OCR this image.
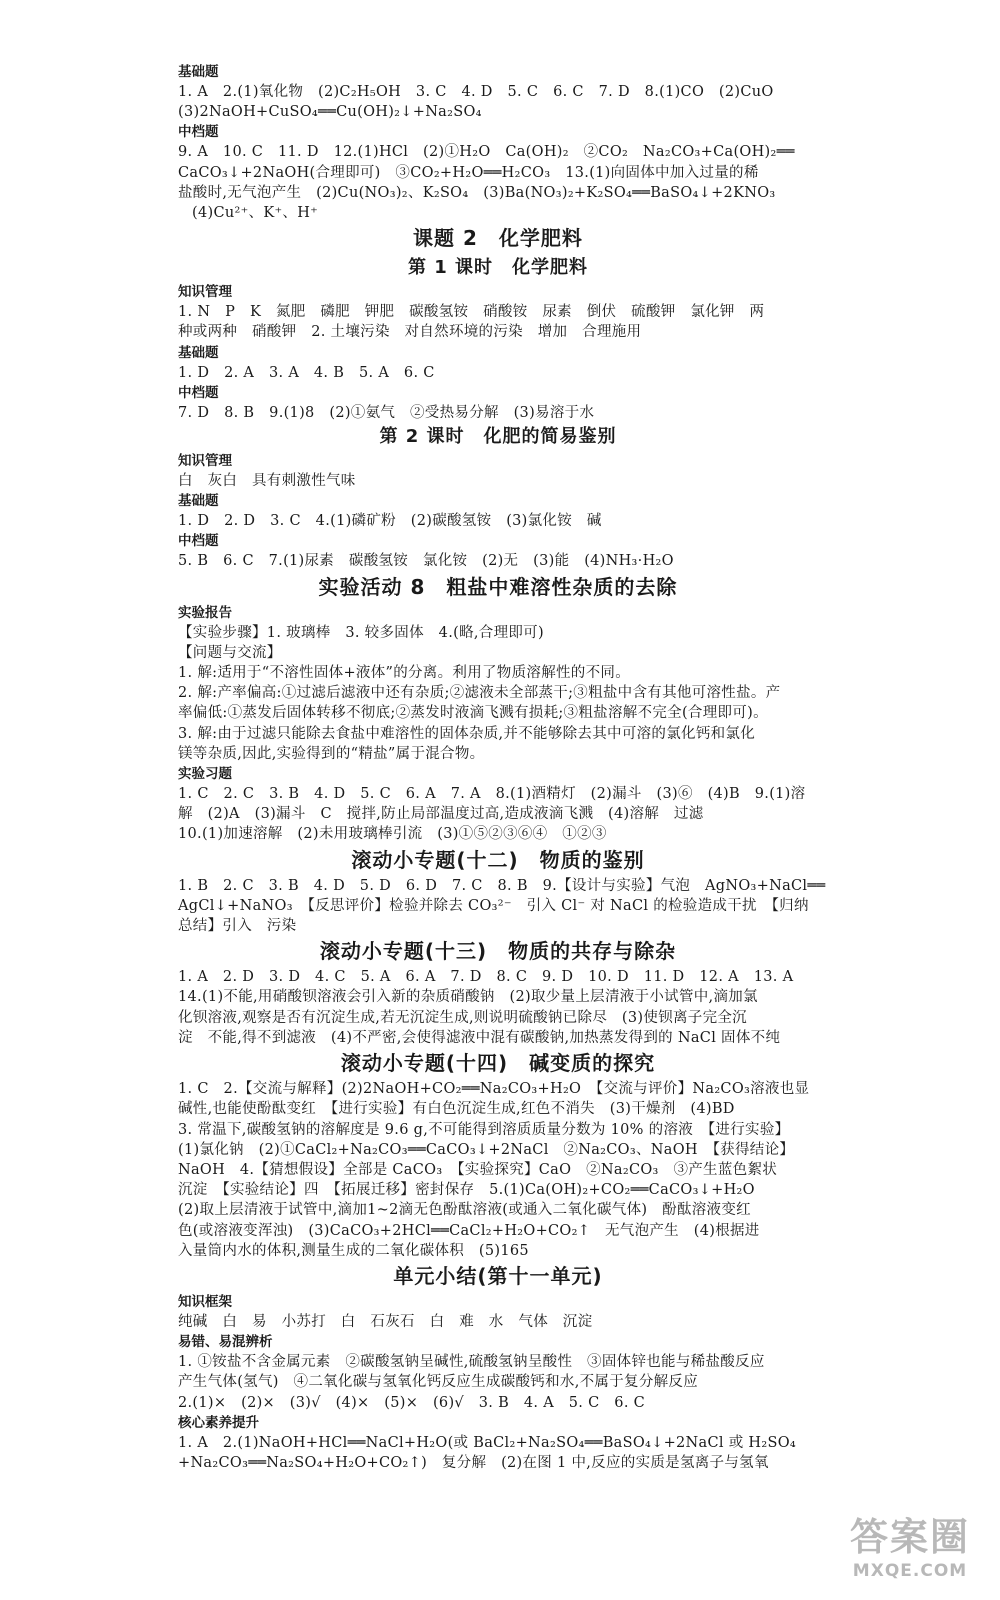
基础题
1. A　2.(1)氧化物　(2)C₂H₅OH　3. C　4. D　5. C　6. C　7. D　8.(1)CO　(2)CuO
(3)2NaOH+CuSO₄══Cu(OH)₂↓+Na₂SO₄
中档题
9. A　10. C　11. D　12.(1)HCl　(2)①H₂O　Ca(OH)₂　②CO₂　Na₂CO₃+Ca(OH)₂══
CaCO₃↓+2NaOH(合理即可)　③CO₂+H₂O══H₂CO₃　13.(1)向固体中加入过量的稀
盐酸时,无气泡产生　(2)Cu(NO₃)₂、K₂SO₄　(3)Ba(NO₃)₂+K₂SO₄══BaSO₄↓+2KNO₃
(4)Cu²⁺、K⁺、H⁺
课题 2　化学肥料
第 1 课时　化学肥料
知识管理
1. N　P　K　氮肥　磷肥　钾肥　碳酸氢铵　硝酸铵　尿素　倒伏　硫酸钾　氯化钾　两
种或两种　硝酸钾　2. 土壤污染　对自然环境的污染　增加　合理施用
基础题
1. D　2. A　3. A　4. B　5. A　6. C
中档题
7. D　8. B　9.(1)8　(2)①氨气　②受热易分解　(3)易溶于水
第 2 课时　化肥的简易鉴别
知识管理
白　灰白　具有刺激性气味
基础题
1. D　2. D　3. C　4.(1)磷矿粉　(2)碳酸氢铵　(3)氯化铵　碱
中档题
5. B　6. C　7.(1)尿素　碳酸氢铵　氯化铵　(2)无　(3)能　(4)NH₃·H₂O
实验活动 8　粗盐中难溶性杂质的去除
实验报告
【实验步骤】1. 玻璃棒　3. 较多固体　4.(略,合理即可)
【问题与交流】
1. 解:适用于“不溶性固体+液体”的分离。利用了物质溶解性的不同。
2. 解:产率偏高:①过滤后滤液中还有杂质;②滤液未全部蒸干;③粗盐中含有其他可溶性盐。产
率偏低:①蒸发后固体转移不彻底;②蒸发时液滴飞溅有损耗;③粗盐溶解不完全(合理即可)。
3. 解:由于过滤只能除去食盐中难溶性的固体杂质,并不能够除去其中可溶的氯化钙和氯化
镁等杂质,因此,实验得到的“精盐”属于混合物。
实验习题
1. C　2. C　3. B　4. D　5. C　6. A　7. A　8.(1)酒精灯　(2)漏斗　(3)⑥　(4)B　9.(1)溶
解　(2)A　(3)漏斗　C　搅拌,防止局部温度过高,造成液滴飞溅　(4)溶解　过滤
10.(1)加速溶解　(2)未用玻璃棒引流　(3)①⑤②③⑥④　①②③
滚动小专题(十二)　物质的鉴别
1. B　2. C　3. B　4. D　5. D　6. D　7. C　8. B　9.【设计与实验】气泡　AgNO₃+NaCl══
AgCl↓+NaNO₃　【反思评价】检验并除去 CO₃²⁻　引入 Cl⁻ 对 NaCl 的检验造成干扰　【归纳
总结】引入　污染
滚动小专题(十三)　物质的共存与除杂
1. A　2. D　3. D　4. C　5. A　6. A　7. D　8. C　9. D　10. D　11. D　12. A　13. A
14.(1)不能,用硝酸钡溶液会引入新的杂质硝酸钠　(2)取少量上层清液于小试管中,滴加氯
化钡溶液,观察是否有沉淀生成,若无沉淀生成,则说明硫酸钠已除尽　(3)使钡离子完全沉
淀　不能,得不到滤液　(4)不严密,会使得滤液中混有碳酸钠,加热蒸发得到的 NaCl 固体不纯
滚动小专题(十四)　碱变质的探究
1. C　2.【交流与解释】(2)2NaOH+CO₂══Na₂CO₃+H₂O　【交流与评价】Na₂CO₃溶液也显
碱性,也能使酚酞变红　【进行实验】有白色沉淀生成,红色不消失　(3)干燥剂　(4)BD
3. 常温下,碳酸氢钠的溶解度是 9.6 g,不可能得到溶质质量分数为 10% 的溶液　【进行实验】
(1)氯化钠　(2)①CaCl₂+Na₂CO₃══CaCO₃↓+2NaCl　②Na₂CO₃、NaOH　【获得结论】
NaOH　4.【猜想假设】全部是 CaCO₃　【实验探究】CaO　②Na₂CO₃　③产生蓝色絮状
沉淀　【实验结论】四　【拓展迁移】密封保存　5.(1)Ca(OH)₂+CO₂══CaCO₃↓+H₂O
(2)取上层清液于试管中,滴加1~2滴无色酚酞溶液(或通入二氧化碳气体)　酚酞溶液变红
色(或溶液变浑浊)　(3)CaCO₃+2HCl══CaCl₂+H₂O+CO₂↑　无气泡产生　(4)根据进
入量筒内水的体积,测量生成的二氧化碳体积　(5)165
单元小结(第十一单元)
知识框架
纯碱　白　易　小苏打　白　石灰石　白　难　水　气体　沉淀
易错、易混辨析
1. ①铵盐不含金属元素　②碳酸氢钠呈碱性,硫酸氢钠呈酸性　③固体锌也能与稀盐酸反应
产生气体(氢气)　④二氧化碳与氢氧化钙反应生成碳酸钙和水,不属于复分解反应
2.(1)×　(2)×　(3)√　(4)×　(5)×　(6)√　3. B　4. A　5. C　6. C
核心素养提升
1. A　2.(1)NaOH+HCl══NaCl+H₂O(或 BaCl₂+Na₂SO₄══BaSO₄↓+2NaCl 或 H₂SO₄
+Na₂CO₃══Na₂SO₄+H₂O+CO₂↑)　复分解　(2)在图 1 中,反应的实质是氢离子与氢氧
答案圈
MXQE.COM
